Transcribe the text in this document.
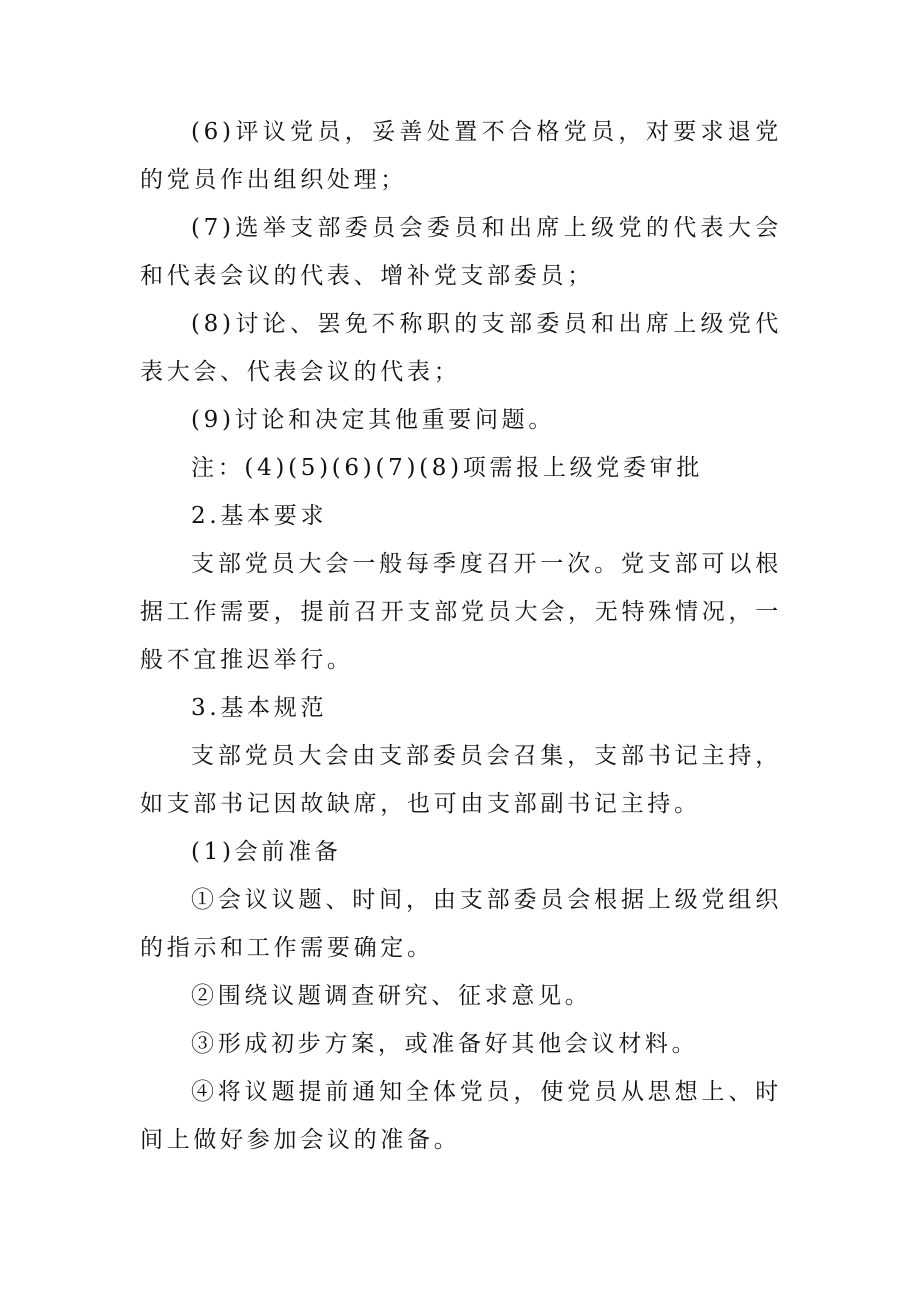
(6)评议党员，妥善处置不合格党员，对要求退党的党员作出组织处理；

(7)选举支部委员会委员和出席上级党的代表大会和代表会议的代表、增补党支部委员；

(8)讨论、罢免不称职的支部委员和出席上级党代表大会、代表会议的代表；

(9)讨论和决定其他重要问题。

注：(4)(5)(6)(7)(8)项需报上级党委审批

2.基本要求

支部党员大会一般每季度召开一次。党支部可以根据工作需要，提前召开支部党员大会，无特殊情况，一般不宜推迟举行。

3.基本规范

支部党员大会由支部委员会召集，支部书记主持，如支部书记因故缺席，也可由支部副书记主持。

(1)会前准备

①会议议题、时间，由支部委员会根据上级党组织的指示和工作需要确定。

②围绕议题调查研究、征求意见。

③形成初步方案，或准备好其他会议材料。

④将议题提前通知全体党员，使党员从思想上、时间上做好参加会议的准备。
